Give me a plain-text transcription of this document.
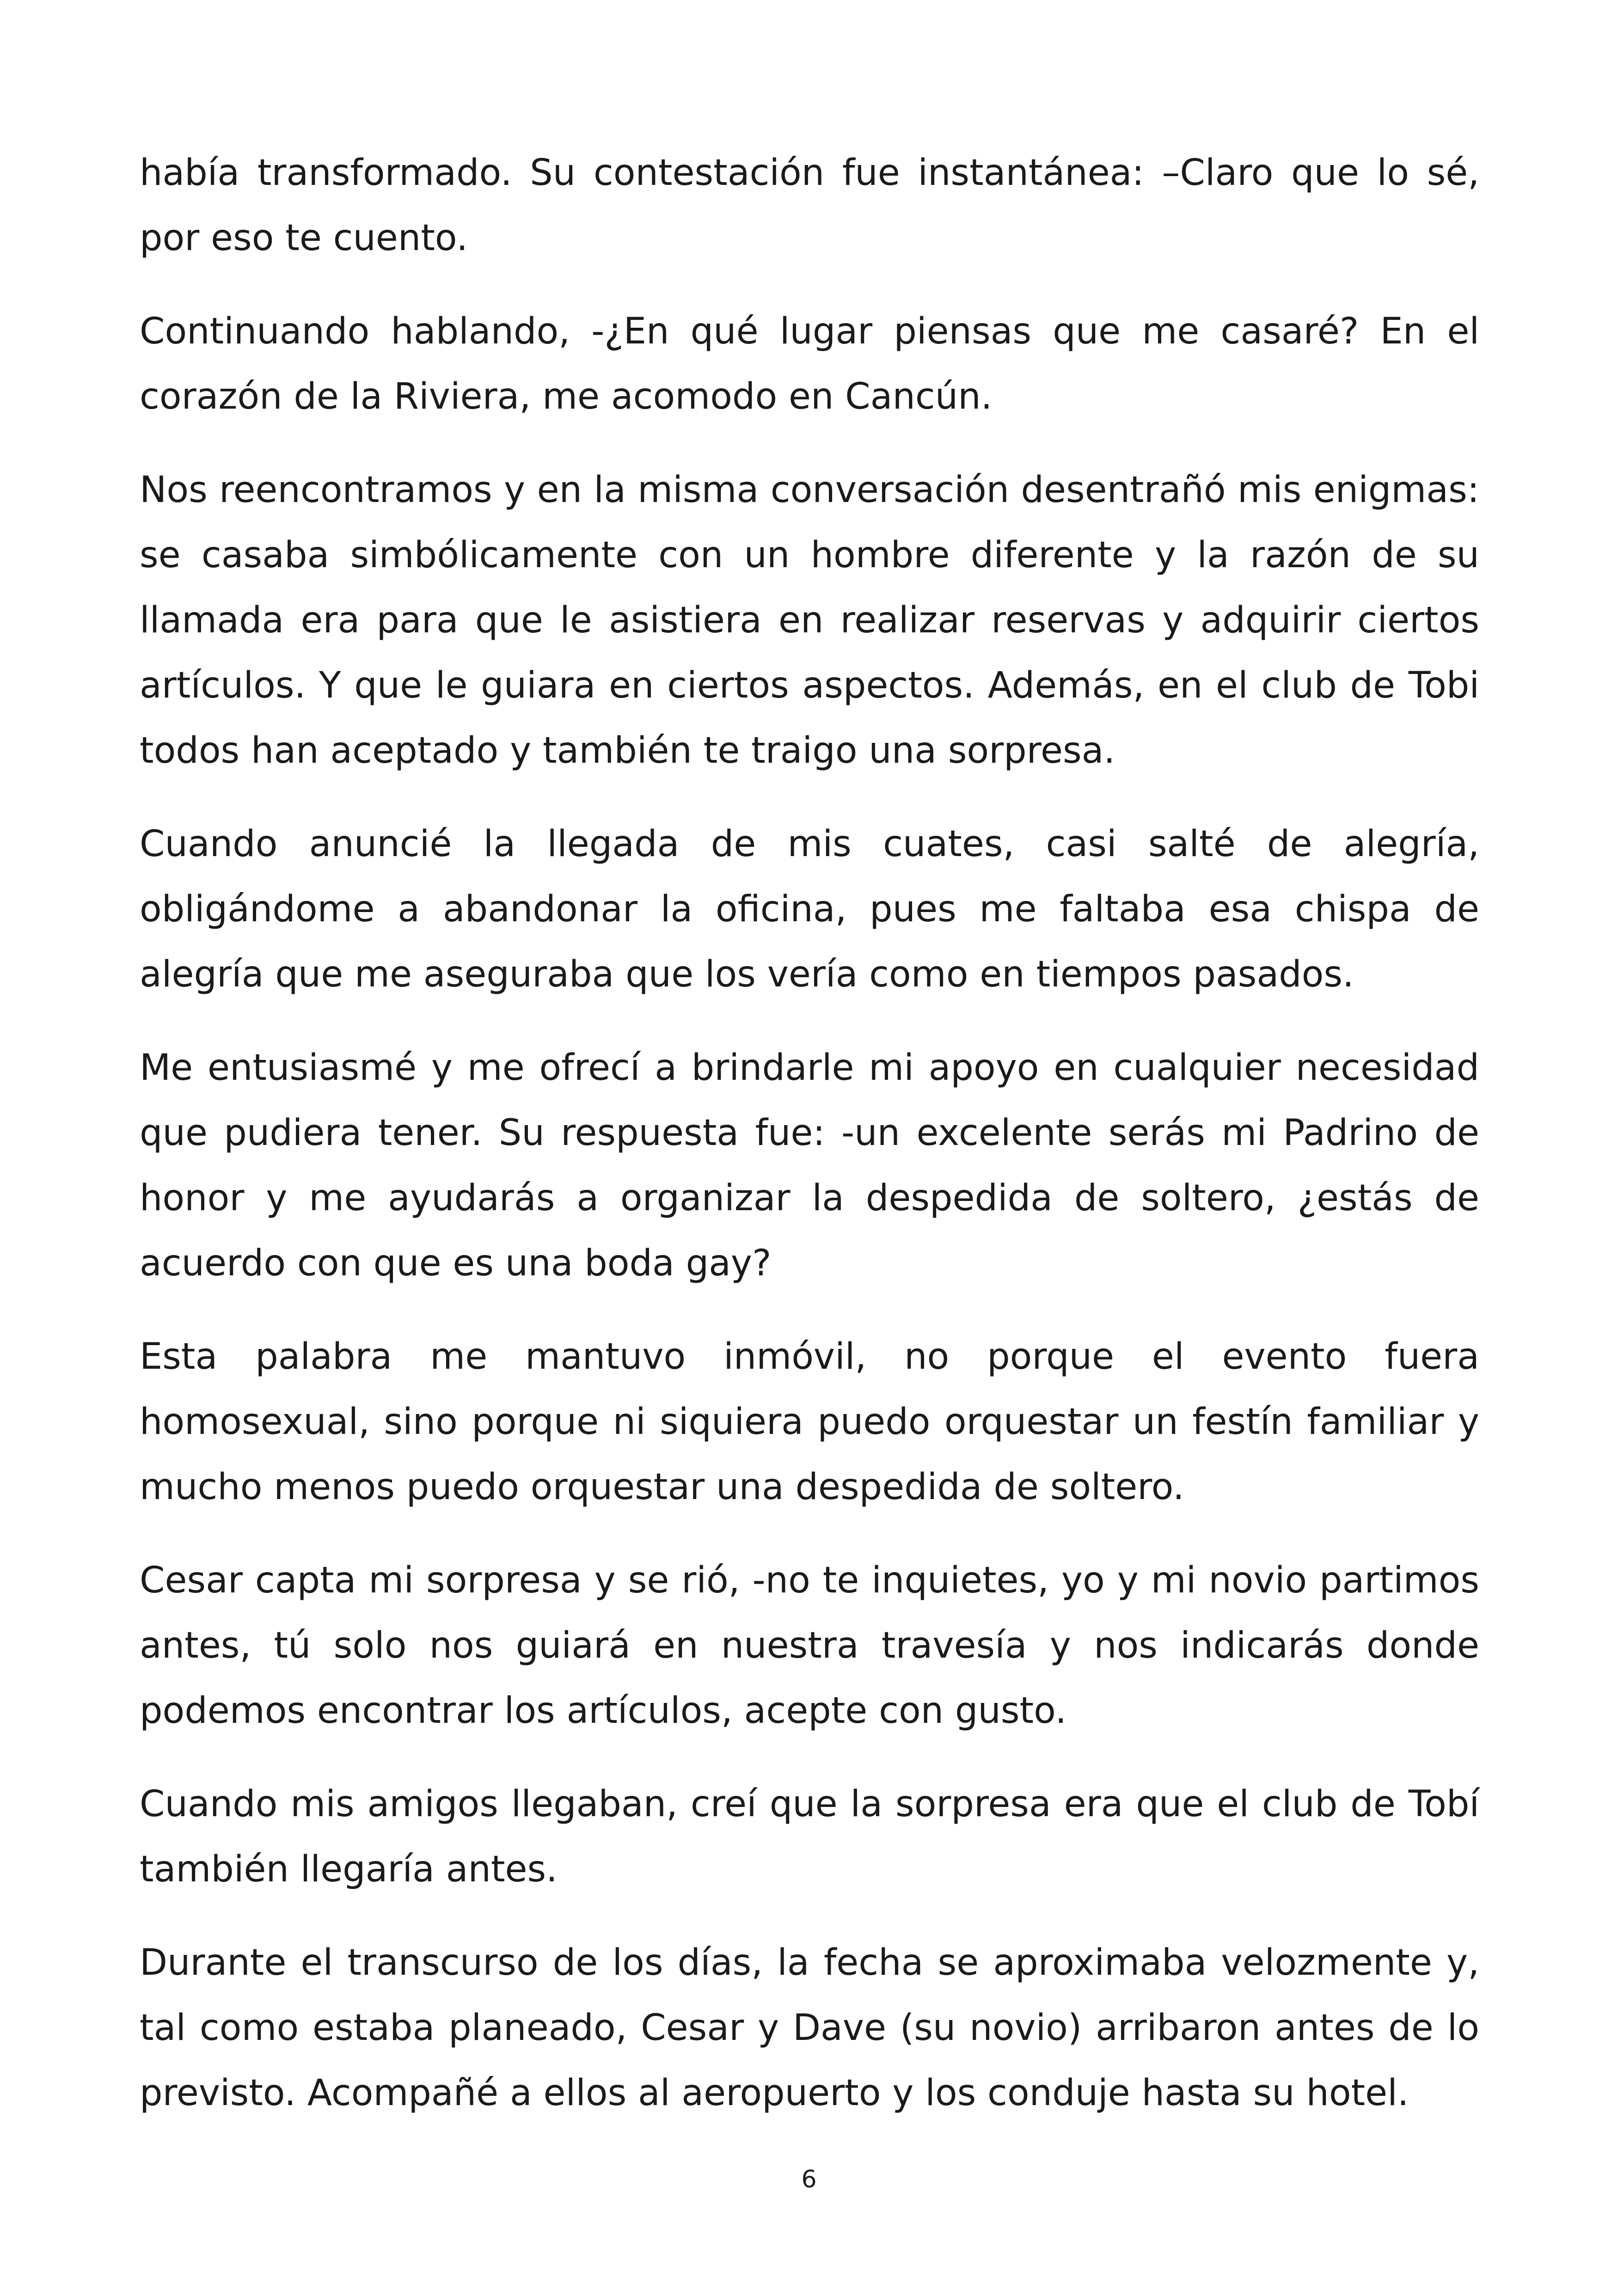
había transformado. Su contestación fue instantánea: –Claro que lo sé, por eso te cuento.

Continuando hablando, -¿En qué lugar piensas que me casaré? En el corazón de la Riviera, me acomodo en Cancún.

Nos reencontramos y en la misma conversación desentrañó mis enigmas: se casaba simbólicamente con un hombre diferente y la razón de su llamada era para que le asistiera en realizar reservas y adquirir ciertos artículos. Y que le guiara en ciertos aspectos. Además, en el club de Tobi todos han aceptado y también te traigo una sorpresa.

Cuando anuncié la llegada de mis cuates, casi salté de alegría, obligándome a abandonar la oficina, pues me faltaba esa chispa de alegría que me aseguraba que los vería como en tiempos pasados.

Me entusiasmé y me ofrecí a brindarle mi apoyo en cualquier necesidad que pudiera tener. Su respuesta fue: -un excelente serás mi Padrino de honor y me ayudarás a organizar la despedida de soltero, ¿estás de acuerdo con que es una boda gay?

Esta palabra me mantuvo inmóvil, no porque el evento fuera homosexual, sino porque ni siquiera puedo orquestar un festín familiar y mucho menos puedo orquestar una despedida de soltero.

Cesar capta mi sorpresa y se rió, -no te inquietes, yo y mi novio partimos antes, tú solo nos guiará en nuestra travesía y nos indicarás donde podemos encontrar los artículos, acepte con gusto.

Cuando mis amigos llegaban, creí que la sorpresa era que el club de Tobí también llegaría antes.

Durante el transcurso de los días, la fecha se aproximaba velozmente y, tal como estaba planeado, Cesar y Dave (su novio) arribaron antes de lo previsto. Acompañé a ellos al aeropuerto y los conduje hasta su hotel.

6
